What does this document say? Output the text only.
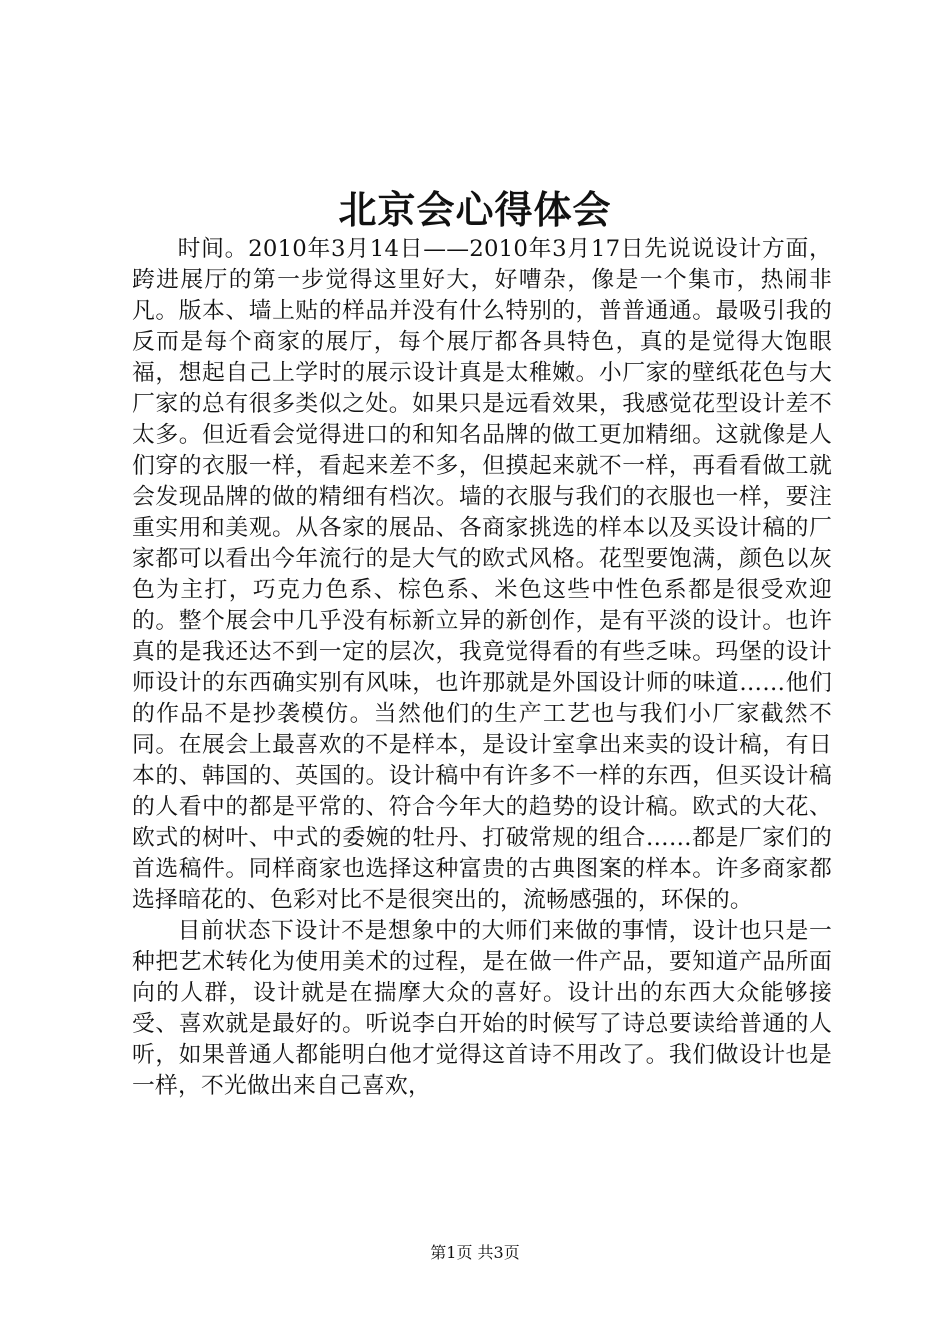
北京会心得体会

时间。2010年3月14日——2010年3月17日先说说设计方面，跨进展厅的第一步觉得这里好大，好嘈杂，像是一个集市，热闹非凡。版本、墙上贴的样品并没有什么特别的，普普通通。最吸引我的反而是每个商家的展厅，每个展厅都各具特色，真的是觉得大饱眼福，想起自己上学时的展示设计真是太稚嫩。小厂家的壁纸花色与大厂家的总有很多类似之处。如果只是远看效果，我感觉花型设计差不太多。但近看会觉得进口的和知名品牌的做工更加精细。这就像是人们穿的衣服一样，看起来差不多，但摸起来就不一样，再看看做工就会发现品牌的做的精细有档次。墙的衣服与我们的衣服也一样，要注重实用和美观。从各家的展品、各商家挑选的样本以及买设计稿的厂家都可以看出今年流行的是大气的欧式风格。花型要饱满，颜色以灰色为主打，巧克力色系、棕色系、米色这些中性色系都是很受欢迎的。整个展会中几乎没有标新立异的新创作，是有平淡的设计。也许真的是我还达不到一定的层次，我竟觉得看的有些乏味。玛堡的设计师设计的东西确实别有风味，也许那就是外国设计师的味道……他们的作品不是抄袭模仿。当然他们的生产工艺也与我们小厂家截然不同。在展会上最喜欢的不是样本，是设计室拿出来卖的设计稿，有日本的、韩国的、英国的。设计稿中有许多不一样的东西，但买设计稿的人看中的都是平常的、符合今年大的趋势的设计稿。欧式的大花、欧式的树叶、中式的委婉的牡丹、打破常规的组合……都是厂家们的首选稿件。同样商家也选择这种富贵的古典图案的样本。许多商家都选择暗花的、色彩对比不是很突出的，流畅感强的，环保的。

目前状态下设计不是想象中的大师们来做的事情，设计也只是一种把艺术转化为使用美术的过程，是在做一件产品，要知道产品所面向的人群，设计就是在揣摩大众的喜好。设计出的东西大众能够接受、喜欢就是最好的。听说李白开始的时候写了诗总要读给普通的人听，如果普通人都能明白他才觉得这首诗不用改了。我们做设计也是一样，不光做出来自己喜欢，

第1页 共3页
